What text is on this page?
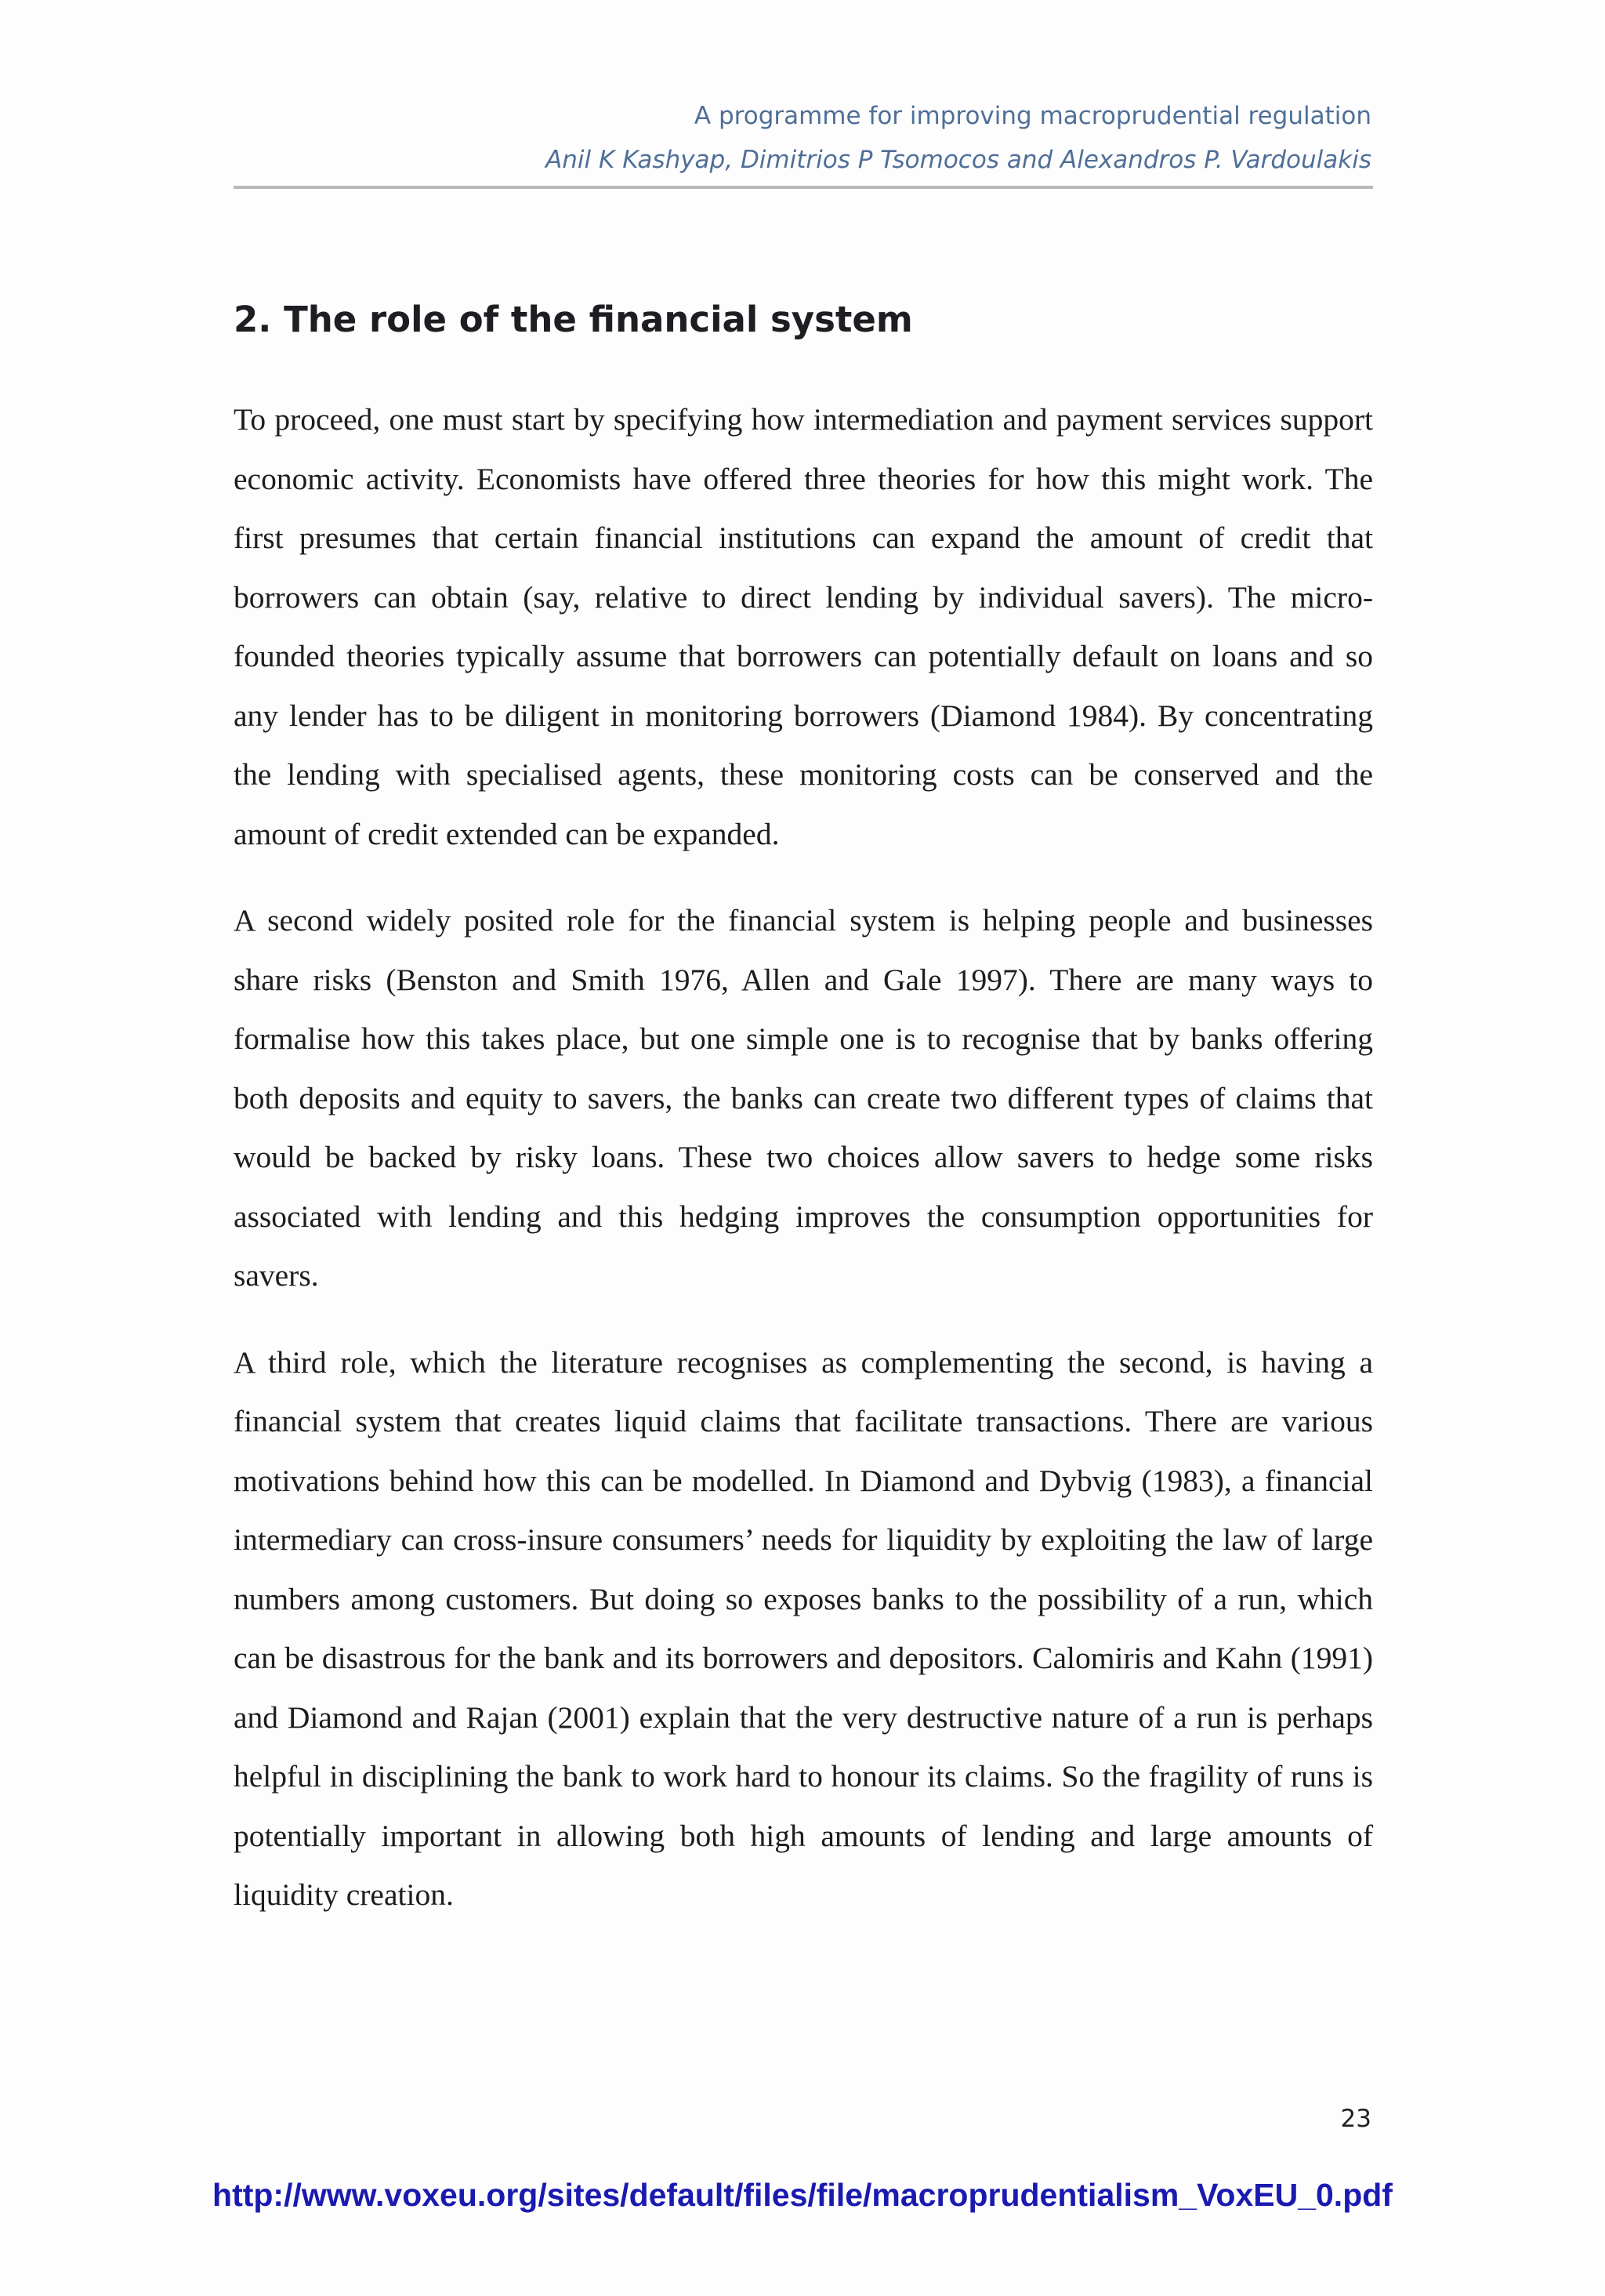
A programme for improving macroprudential regulation
Anil K Kashyap, Dimitrios P Tsomocos and Alexandros P. Vardoulakis
2. The role of the financial system

To proceed, one must start by specifying how intermediation and payment services support economic activity. Economists have offered three theories for how this might work. The first presumes that certain financial institutions can expand the amount of credit that borrowers can obtain (say, relative to direct lending by individual savers). The micro-founded theories typically assume that borrowers can potentially default on loans and so any lender has to be diligent in monitoring borrowers (Diamond 1984). By concentrating the lending with specialised agents, these monitoring costs can be conserved and the amount of credit extended can be expanded.

A second widely posited role for the financial system is helping people and businesses share risks (Benston and Smith 1976, Allen and Gale 1997). There are many ways to formalise how this takes place, but one simple one is to recognise that by banks offering both deposits and equity to savers, the banks can create two different types of claims that would be backed by risky loans. These two choices allow savers to hedge some risks associated with lending and this hedging improves the consumption opportunities for savers.

A third role, which the literature recognises as complementing the second, is having a financial system that creates liquid claims that facilitate transactions. There are various motivations behind how this can be modelled. In Diamond and Dybvig (1983), a financial intermediary can cross-insure consumers’ needs for liquidity by exploiting the law of large numbers among customers. But doing so exposes banks to the possibility of a run, which can be disastrous for the bank and its borrowers and depositors. Calomiris and Kahn (1991) and Diamond and Rajan (2001) explain that the very destructive nature of a run is perhaps helpful in disciplining the bank to work hard to honour its claims. So the fragility of runs is potentially important in allowing both high amounts of lending and large amounts of liquidity creation.

23
http://www.voxeu.org/sites/default/files/file/macroprudentialism_VoxEU_0.pdf
